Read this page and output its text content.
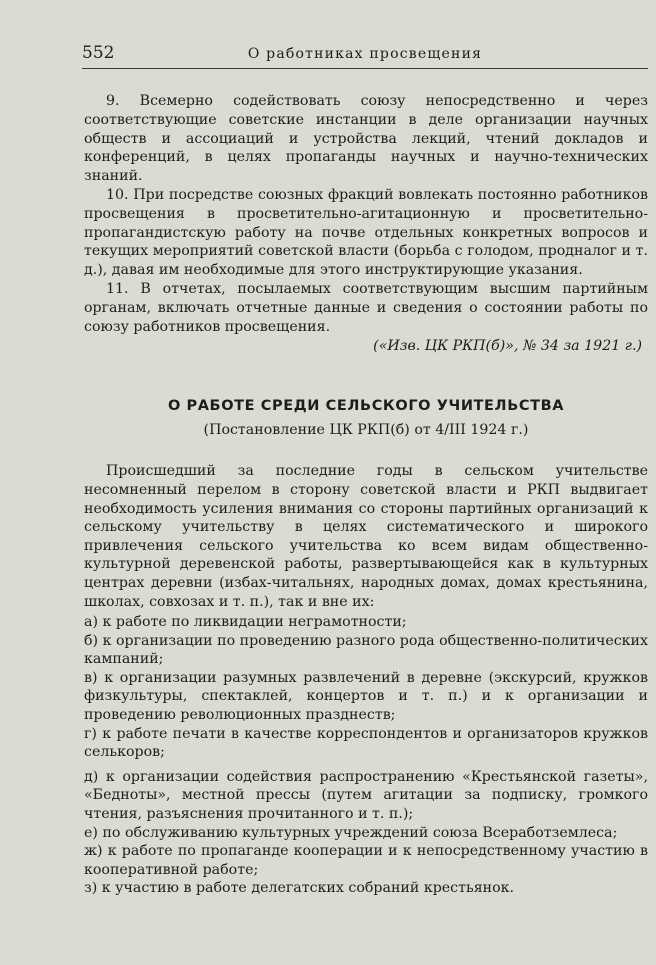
552	О работниках просвещения

9. Всемерно содействовать союзу непосредственно и через соответствующие советские инстанции в деле организации научных обществ и ассоциаций и устройства лекций, чтений докладов и конференций, в целях пропаганды научных и научно-технических знаний.

10. При посредстве союзных фракций вовлекать постоянно работников просвещения в просветительно-агитационную и просветительно-пропагандистскую работу на почве отдельных конкретных вопросов и текущих мероприятий советской власти (борьба с голодом, продналог и т. д.), давая им необходимые для этого инструктирующие указания.

11. В отчетах, посылаемых соответствующим высшим партийным органам, включать отчетные данные и сведения о состоянии работы по союзу работников просвещения.

(«Изв. ЦК РКП(б)», № 34 за 1921 г.)

О РАБОТЕ СРЕДИ СЕЛЬСКОГО УЧИТЕЛЬСТВА

(Постановление ЦК РКП(б) от 4/III 1924 г.)

Происшедший за последние годы в сельском учительстве несомненный перелом в сторону советской власти и РКП выдвигает необходимость усиления внимания со стороны партийных организаций к сельскому учительству в целях систематического и широкого привлечения сельского учительства ко всем видам общественно-культурной деревенской работы, развертывающейся как в культурных центрах деревни (избах-читальнях, народных домах, домах крестьянина, школах, совхозах и т. п.), так и вне их:

а) к работе по ликвидации неграмотности;

б) к организации по проведению разного рода общественно-политических кампаний;

в) к организации разумных развлечений в деревне (экскурсий, кружков физкультуры, спектаклей, концертов и т. п.) и к организации и проведению революционных празднеств;

г) к работе печати в качестве корреспондентов и организаторов кружков селькоров;

д) к организации содействия распространению «Крестьянской газеты», «Бедноты», местной прессы (путем агитации за подписку, громкого чтения, разъяснения прочитанного и т. п.);

е) по обслуживанию культурных учреждений союза Всеработземлеса;

ж) к работе по пропаганде кооперации и к непосредственному участию в кооперативной работе;

з) к участию в работе делегатских собраний крестьянок.
